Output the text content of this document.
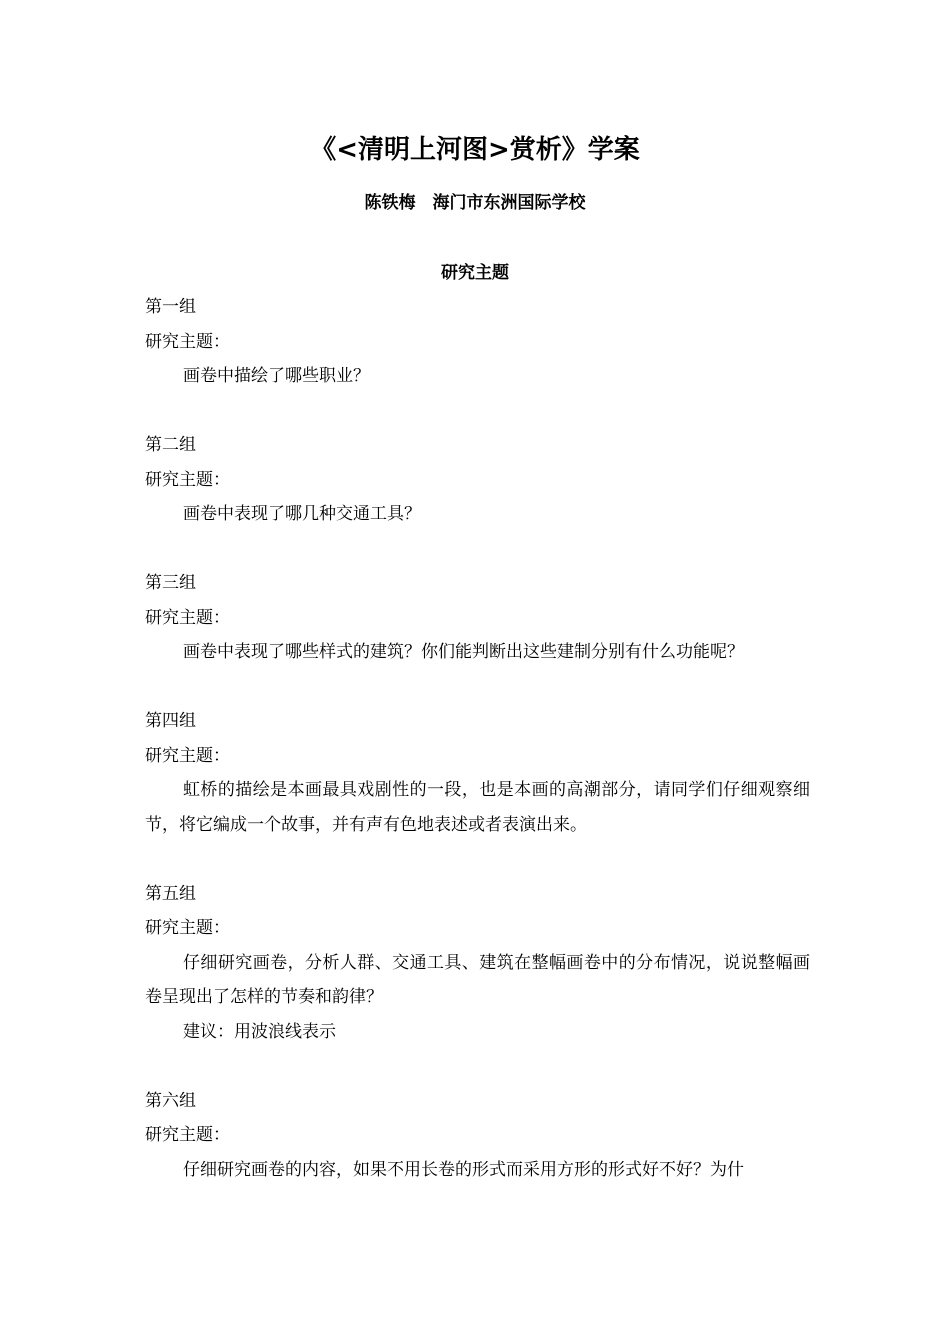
《<清明上河图>赏析》学案
陈铁梅　海门市东洲国际学校
研究主题
第一组
研究主题：
画卷中描绘了哪些职业？
第二组
研究主题：
画卷中表现了哪几种交通工具？
第三组
研究主题：
画卷中表现了哪些样式的建筑？你们能判断出这些建制分别有什么功能呢？
第四组
研究主题：
虹桥的描绘是本画最具戏剧性的一段，也是本画的高潮部分，请同学们仔细观察细节，将它编成一个故事，并有声有色地表述或者表演出来。
第五组
研究主题：
仔细研究画卷，分析人群、交通工具、建筑在整幅画卷中的分布情况，说说整幅画卷呈现出了怎样的节奏和韵律？
建议：用波浪线表示
第六组
研究主题：
仔细研究画卷的内容，如果不用长卷的形式而采用方形的形式好不好？为什
